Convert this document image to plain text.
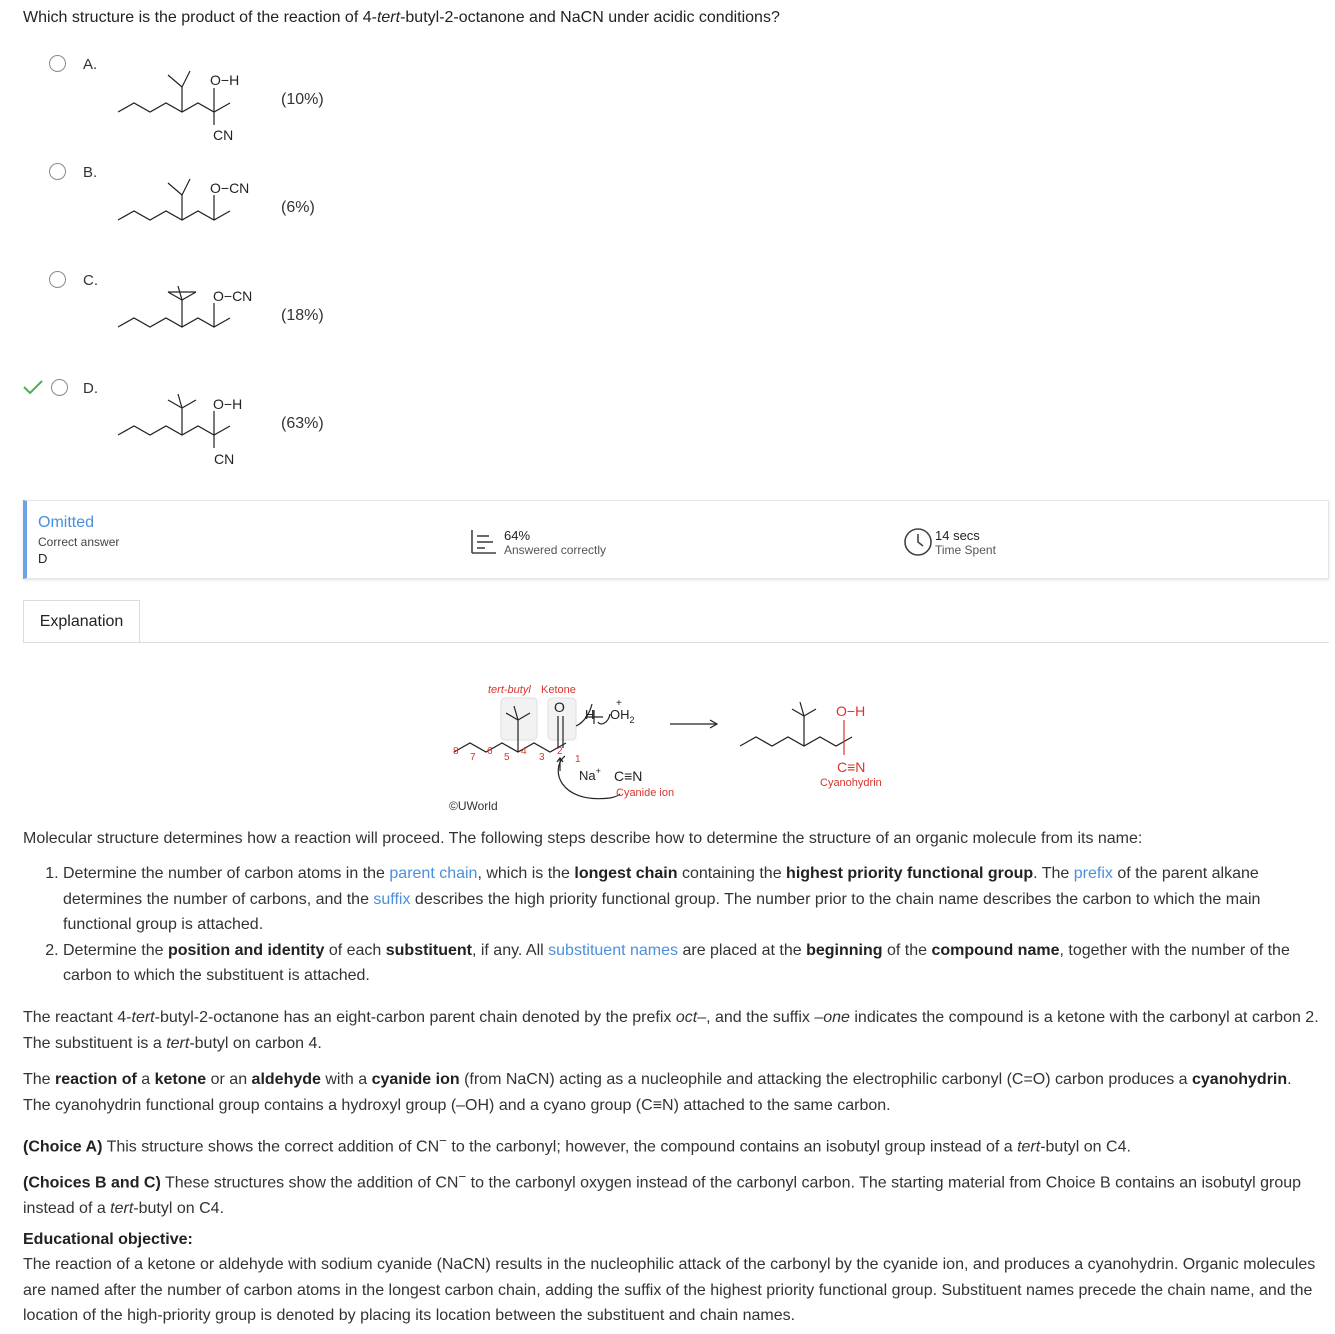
Which structure is the product of the reaction of 4-tert-butyl-2-octanone and NaCN under acidic conditions?
A.
O−H
CN
(10%)
B.
O−CN
(6%)
C.
O−CN
(18%)
D.
O−H
CN
(63%)
Omitted
Correct answer
D
64%
Answered correctly
14 secs
Time Spent
Explanation
tert-butyl Ketone
O H $OH_2$
+
8
7
6
5
4
3
2
1
Na+ C≡N
Cyanide ion
O−H
C≡N
Cyanohydrin
©UWorld
Molecular structure determines how a reaction will proceed. The following steps describe how to determine the structure of an organic molecule from its name:
1. Determine the number of carbon atoms in the parent chain, which is the longest chain containing the highest priority functional group. The prefix of the parent alkane determines the number of carbons, and the suffix describes the high priority functional group. The number prior to the chain name describes the carbon to which the main functional group is attached.
2. Determine the position and identity of each substituent, if any. All substituent names are placed at the beginning of the compound name, together with the number of the carbon to which the substituent is attached.
The reactant 4-tert-butyl-2-octanone has an eight-carbon parent chain denoted by the prefix oct–, and the suffix –one indicates the compound is a ketone with the carbonyl at carbon 2. The substituent is a tert-butyl on carbon 4.
The reaction of a ketone or an aldehyde with a cyanide ion (from NaCN) acting as a nucleophile and attacking the electrophilic carbonyl (C=O) carbon produces a cyanohydrin. The cyanohydrin functional group contains a hydroxyl group (–OH) and a cyano group (C≡N) attached to the same carbon.
(Choice A) This structure shows the correct addition of CN− to the carbonyl; however, the compound contains an isobutyl group instead of a tert-butyl on C4.
(Choices B and C) These structures show the addition of CN− to the carbonyl oxygen instead of the carbonyl carbon. The starting material from Choice B contains an isobutyl group instead of a tert-butyl on C4.
Educational objective:
The reaction of a ketone or aldehyde with sodium cyanide (NaCN) results in the nucleophilic attack of the carbonyl by the cyanide ion, and produces a cyanohydrin. Organic molecules are named after the number of carbon atoms in the longest carbon chain, adding the suffix of the highest priority functional group. Substituent names precede the chain name, and the location of the high-priority group is denoted by placing its location between the substituent and chain names.
